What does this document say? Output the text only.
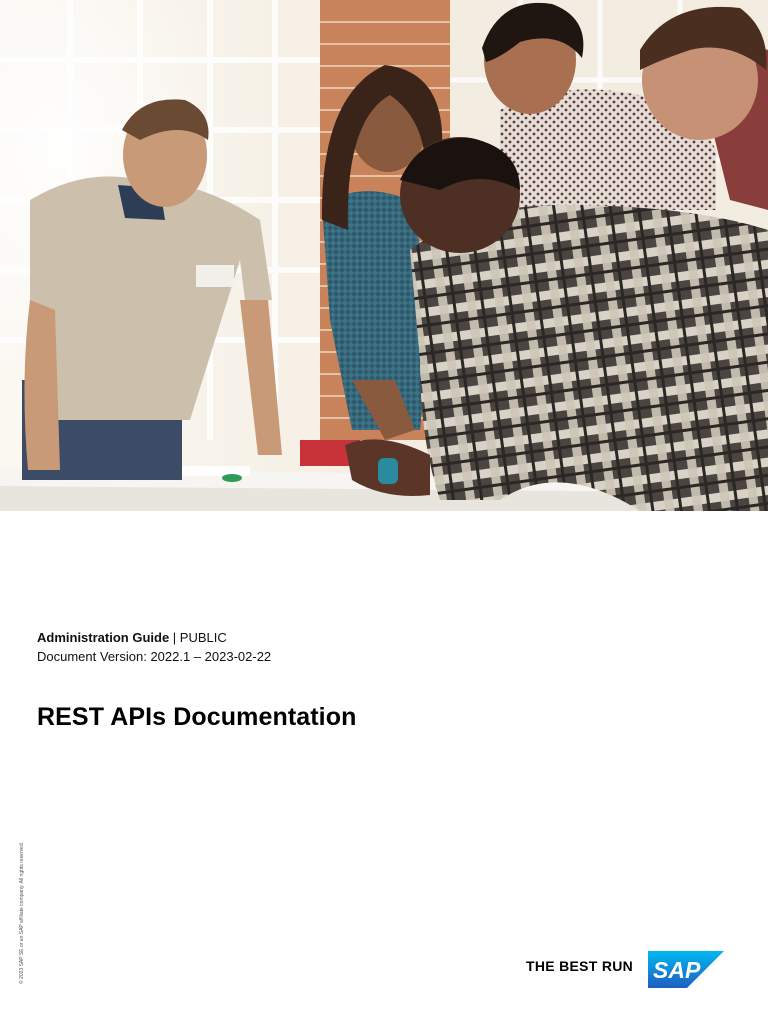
Administration Guide | PUBLIC
Document Version: 2022.1 – 2023-02-22
REST APIs Documentation
© 2023 SAP SE or an SAP affiliate company. All rights reserved.	THE BEST RUN SAP
